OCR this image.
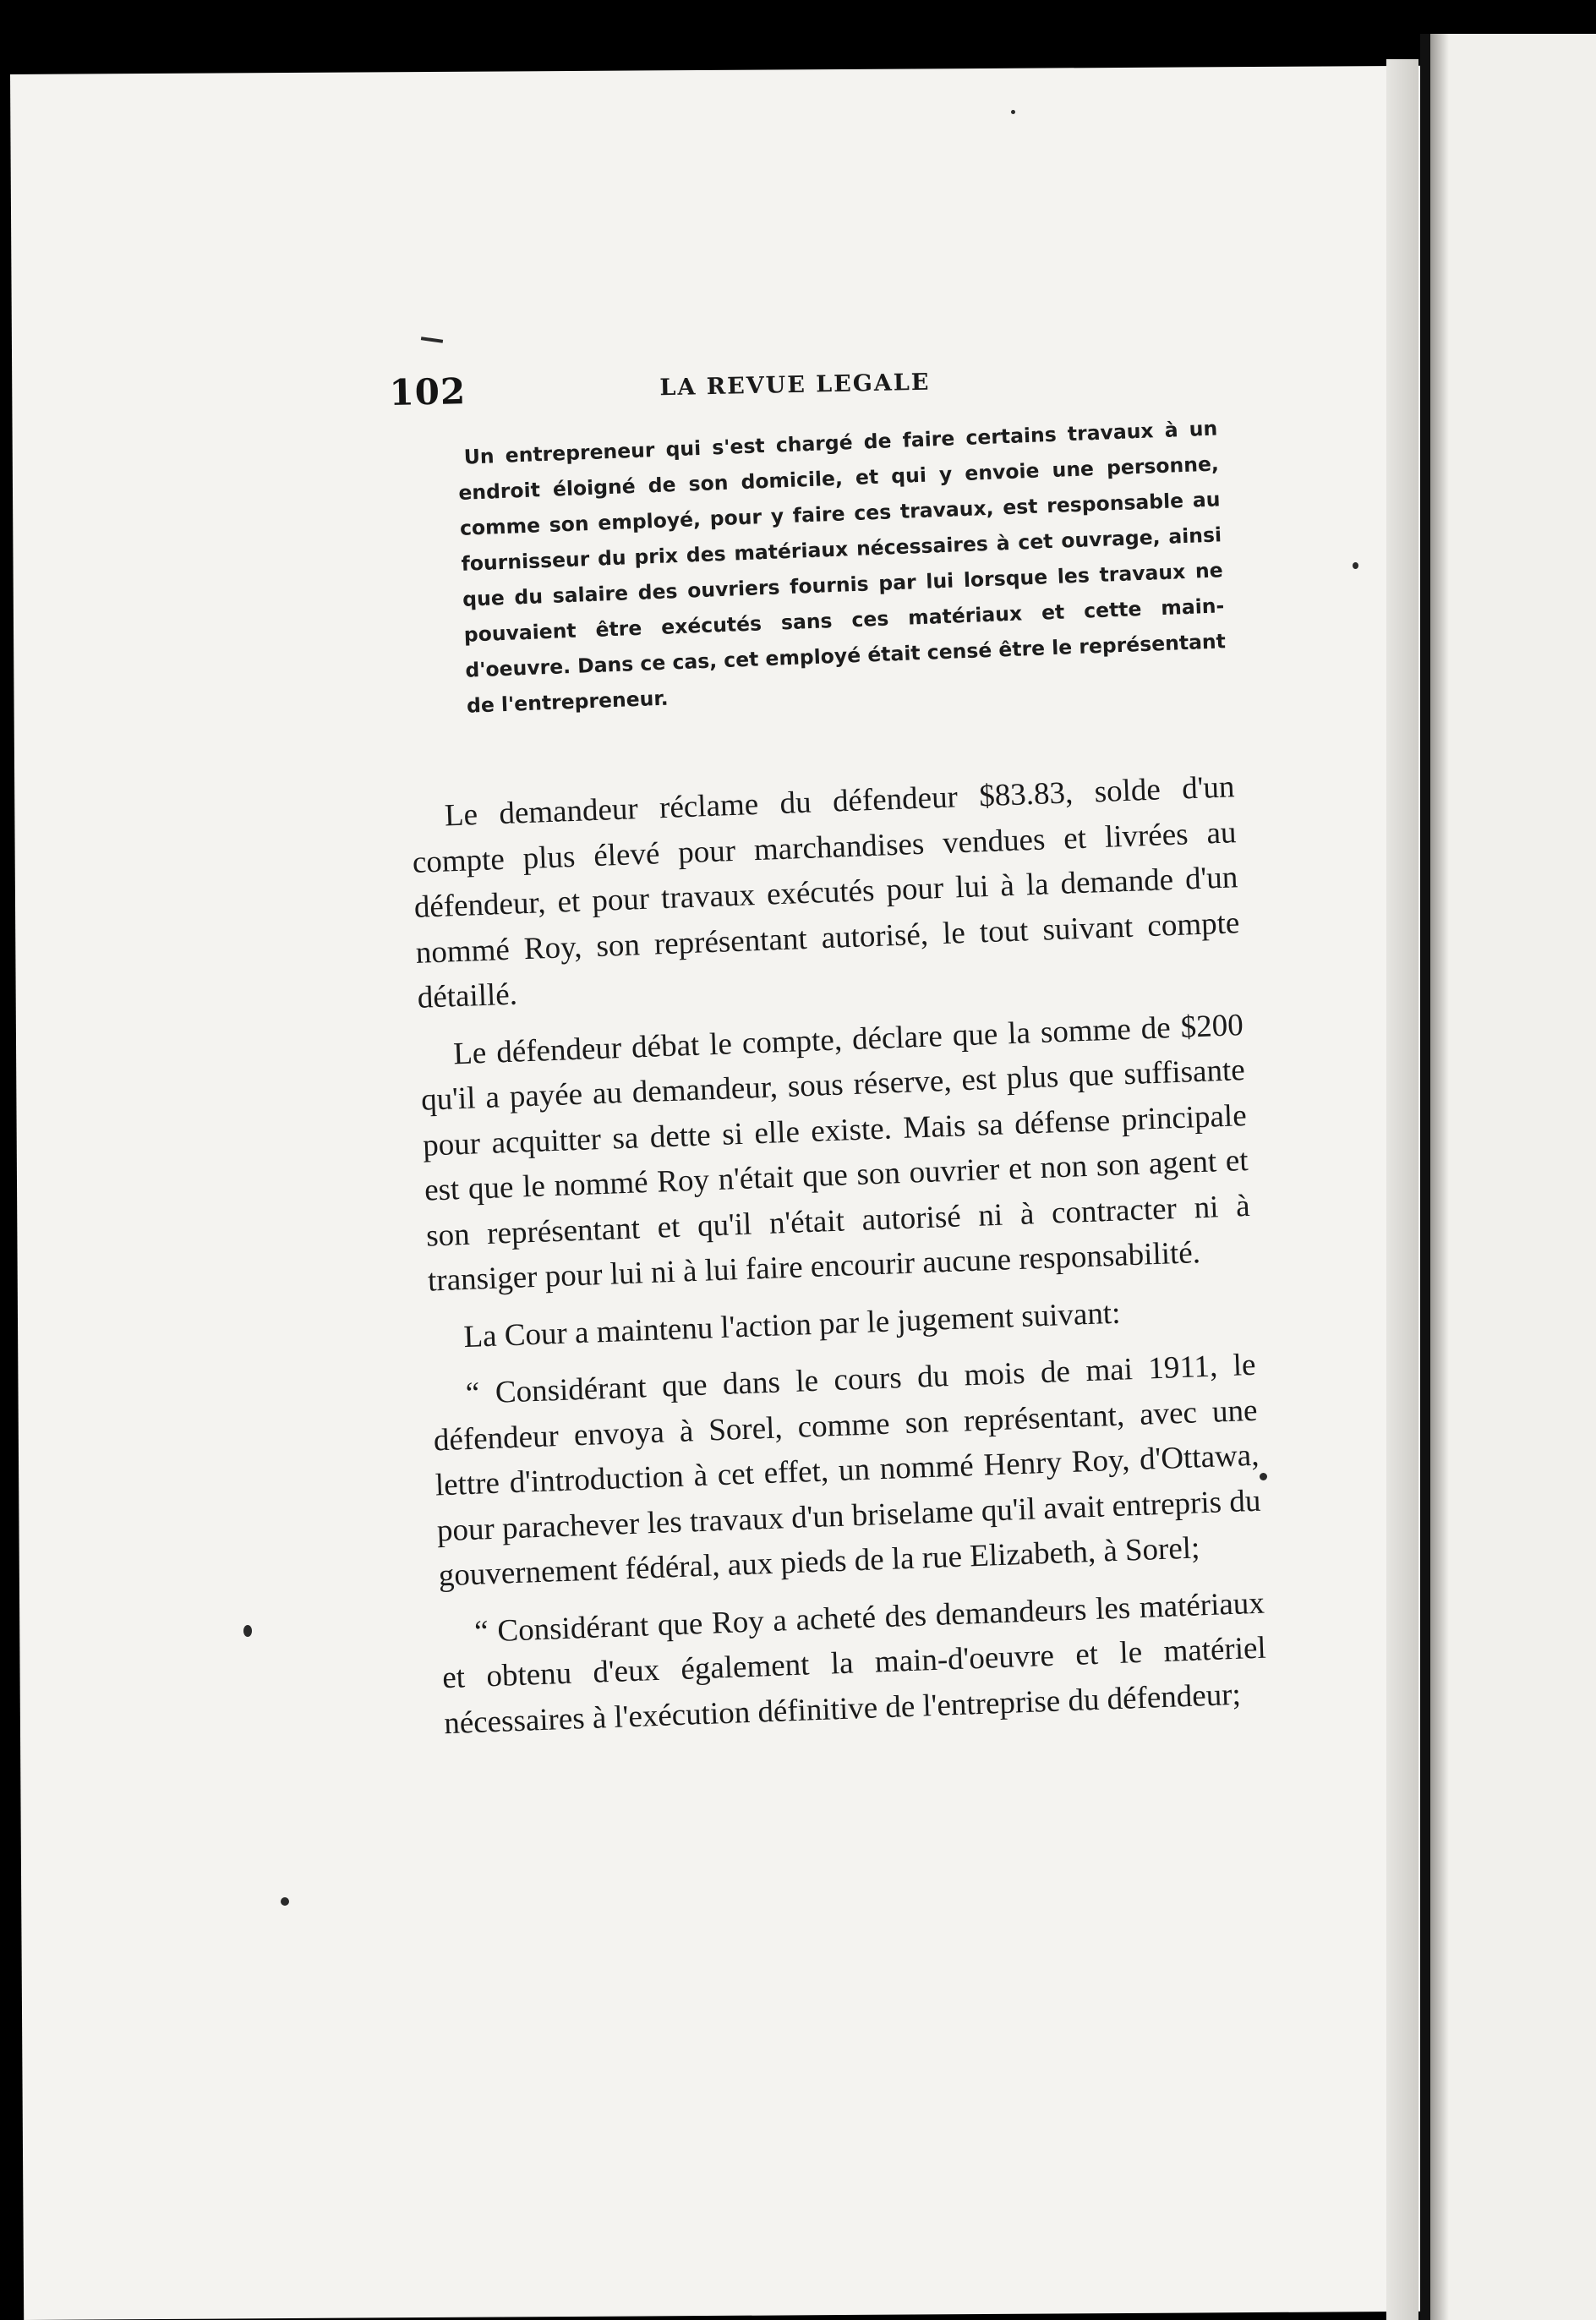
102	LA REVUE LEGALE
Un entrepreneur qui s'est chargé de faire certains travaux à un endroit éloigné de son domicile, et qui y envoie une personne, comme son employé, pour y faire ces travaux, est responsable au fournisseur du prix des matériaux nécessaires à cet ouvrage, ainsi que du salaire des ouvriers fournis par lui lorsque les travaux ne pouvaient être exécutés sans ces matériaux et cette main-d'oeuvre. Dans ce cas, cet employé était censé être le représentant de l'entrepreneur.

Le demandeur réclame du défendeur $83.83, solde d'un compte plus élevé pour marchandises vendues et livrées au défendeur, et pour travaux exécutés pour lui à la demande d'un nommé Roy, son représentant autorisé, le tout suivant compte détaillé.

Le défendeur débat le compte, déclare que la somme de $200 qu'il a payée au demandeur, sous réserve, est plus que suffisante pour acquitter sa dette si elle existe. Mais sa défense principale est que le nommé Roy n'était que son ouvrier et non son agent et son représentant et qu'il n'était autorisé ni à contracter ni à transiger pour lui ni à lui faire encourir aucune responsabilité.

La Cour a maintenu l'action par le jugement suivant:

“ Considérant que dans le cours du mois de mai 1911, le défendeur envoya à Sorel, comme son représentant, avec une lettre d'introduction à cet effet, un nommé Henry Roy, d'Ottawa, pour parachever les travaux d'un briselame qu'il avait entrepris du gouvernement fédéral, aux pieds de la rue Elizabeth, à Sorel;

“ Considérant que Roy a acheté des demandeurs les matériaux et obtenu d'eux également la main-d'oeuvre et le matériel nécessaires à l'exécution définitive de l'entreprise du défendeur;
